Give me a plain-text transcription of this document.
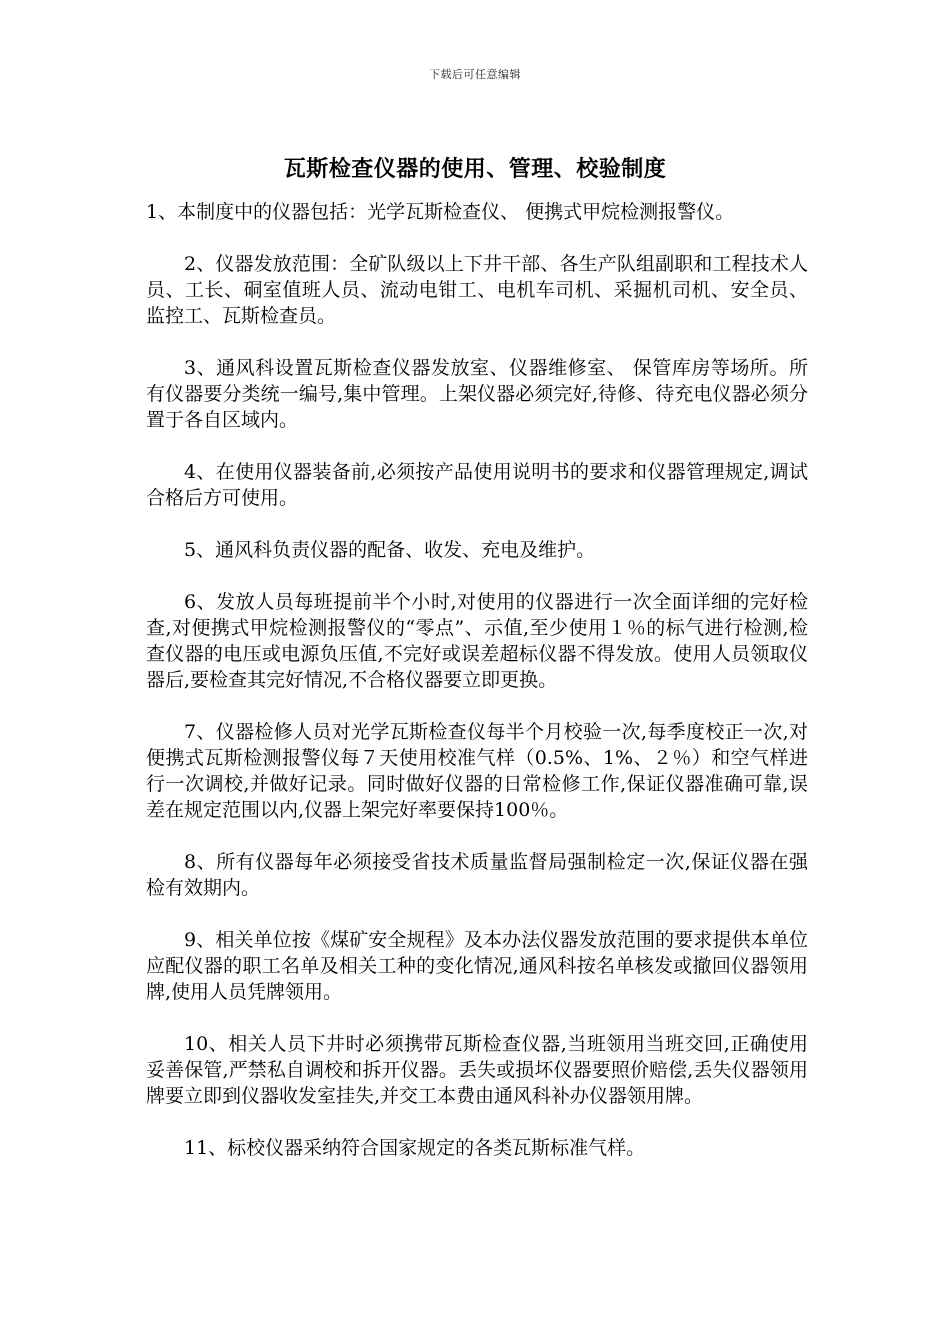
下载后可任意编辑
瓦斯检查仪器的使用、管理、校验制度

1、本制度中的仪器包括：光学瓦斯检查仪、 便携式甲烷检测报警仪。

2、仪器发放范围：全矿队级以上下井干部、各生产队组副职和工程技术人员、工长、硐室值班人员、流动电钳工、电机车司机、采掘机司机、安全员、监控工、瓦斯检查员。

3、通风科设置瓦斯检查仪器发放室、仪器维修室、 保管库房等场所。所有仪器要分类统一编号,集中管理。上架仪器必须完好,待修、待充电仪器必须分置于各自区域内。

4、在使用仪器装备前,必须按产品使用说明书的要求和仪器管理规定,调试合格后方可使用。

5、通风科负责仪器的配备、收发、充电及维护。

6、发放人员每班提前半个小时,对使用的仪器进行一次全面详细的完好检查,对便携式甲烷检测报警仪的“零点”、示值,至少使用１％的标气进行检测,检查仪器的电压或电源负压值,不完好或误差超标仪器不得发放。使用人员领取仪器后,要检查其完好情况,不合格仪器要立即更换。

7、仪器检修人员对光学瓦斯检查仪每半个月校验一次,每季度校正一次,对便携式瓦斯检测报警仪每７天使用校准气样（0.5%、1%、２％）和空气样进行一次调校,并做好记录。同时做好仪器的日常检修工作,保证仪器准确可靠,误差在规定范围以内,仪器上架完好率要保持100％。

8、所有仪器每年必须接受省技术质量监督局强制检定一次,保证仪器在强检有效期内。

9、相关单位按《煤矿安全规程》及本办法仪器发放范围的要求提供本单位应配仪器的职工名单及相关工种的变化情况,通风科按名单核发或撤回仪器领用牌,使用人员凭牌领用。

10、相关人员下井时必须携带瓦斯检查仪器,当班领用当班交回,正确使用妥善保管,严禁私自调校和拆开仪器。丢失或损坏仪器要照价赔偿,丢失仪器领用牌要立即到仪器收发室挂失,并交工本费由通风科补办仪器领用牌。

11、标校仪器采纳符合国家规定的各类瓦斯标准气样。
